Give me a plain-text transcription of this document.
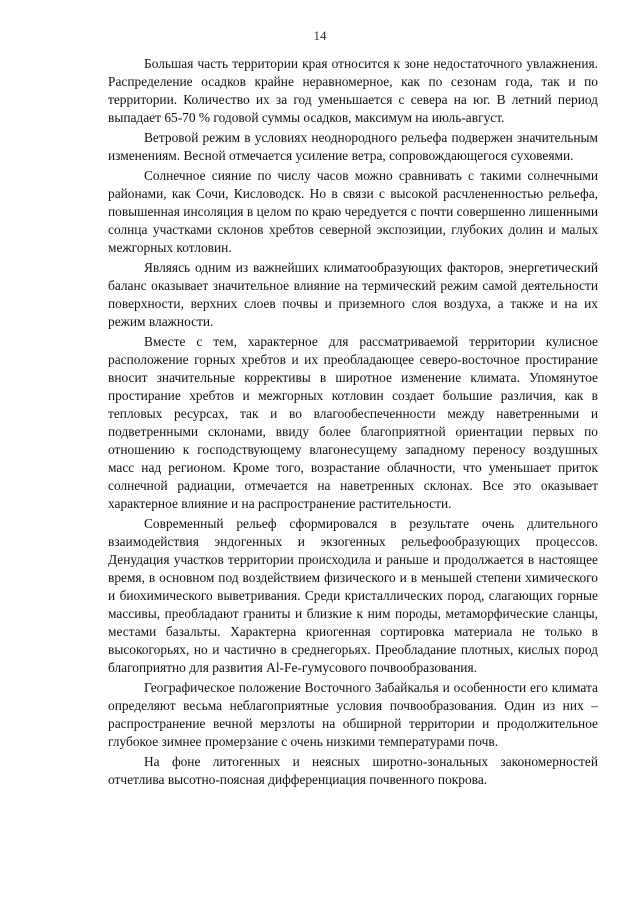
14

Большая часть территории края относится к зоне недостаточного увлажнения. Распределение осадков крайне неравномерное, как по сезонам года, так и по территории. Количество их за год уменьшается с севера на юг. В летний период выпадает 65-70 % годовой суммы осадков, максимум на июль-август.

Ветровой режим в условиях неоднородного рельефа подвержен значительным изменениям. Весной отмечается усиление ветра, сопровождающегося суховеями.

Солнечное сияние по числу часов можно сравнивать с такими солнечными районами, как Сочи, Кисловодск. Но в связи с высокой расчлененностью рельефа, повышенная инсоляция в целом по краю чередуется с почти совершенно лишенными солнца участками склонов хребтов северной экспозиции, глубоких долин и малых межгорных котловин.

Являясь одним из важнейших климатообразующих факторов, энергетический баланс оказывает значительное влияние на термический режим самой деятельности поверхности, верхних слоев почвы и приземного слоя воздуха, а также и на их режим влажности.

Вместе с тем, характерное для рассматриваемой территории кулисное расположение горных хребтов и их преобладающее северо-восточное простирание вносит значительные коррективы в широтное изменение климата. Упомянутое простирание хребтов и межгорных котловин создает большие различия, как в тепловых ресурсах, так и во влагообеспеченности между наветренными и подветренными склонами, ввиду более благоприятной ориентации первых по отношению к господствующему влагонесущему западному переносу воздушных масс над регионом. Кроме того, возрастание облачности, что уменьшает приток солнечной радиации, отмечается на наветренных склонах. Все это оказывает характерное влияние и на распространение растительности.

Современный рельеф сформировался в результате очень длительного взаимодействия эндогенных и экзогенных рельефообразующих процессов. Денудация участков территории происходила и раньше и продолжается в настоящее время, в основном под воздействием физического и в меньшей степени химического и биохимического выветривания. Среди кристаллических пород, слагающих горные массивы, преобладают граниты и близкие к ним породы, метаморфические сланцы, местами базальты. Характерна криогенная сортировка материала не только в высокогорьях, но и частично в среднегорьях. Преобладание плотных, кислых пород благоприятно для развития Al-Fe-гумусового почвообразования.

Географическое положение Восточного Забайкалья и особенности его климата определяют весьма неблагоприятные условия почвообразования. Один из них – распространение вечной мерзлоты на обширной территории и продолжительное глубокое зимнее промерзание с очень низкими температурами почв.

На фоне литогенных и неясных широтно-зональных закономерностей отчетлива высотно-поясная дифференциация почвенного покрова.
